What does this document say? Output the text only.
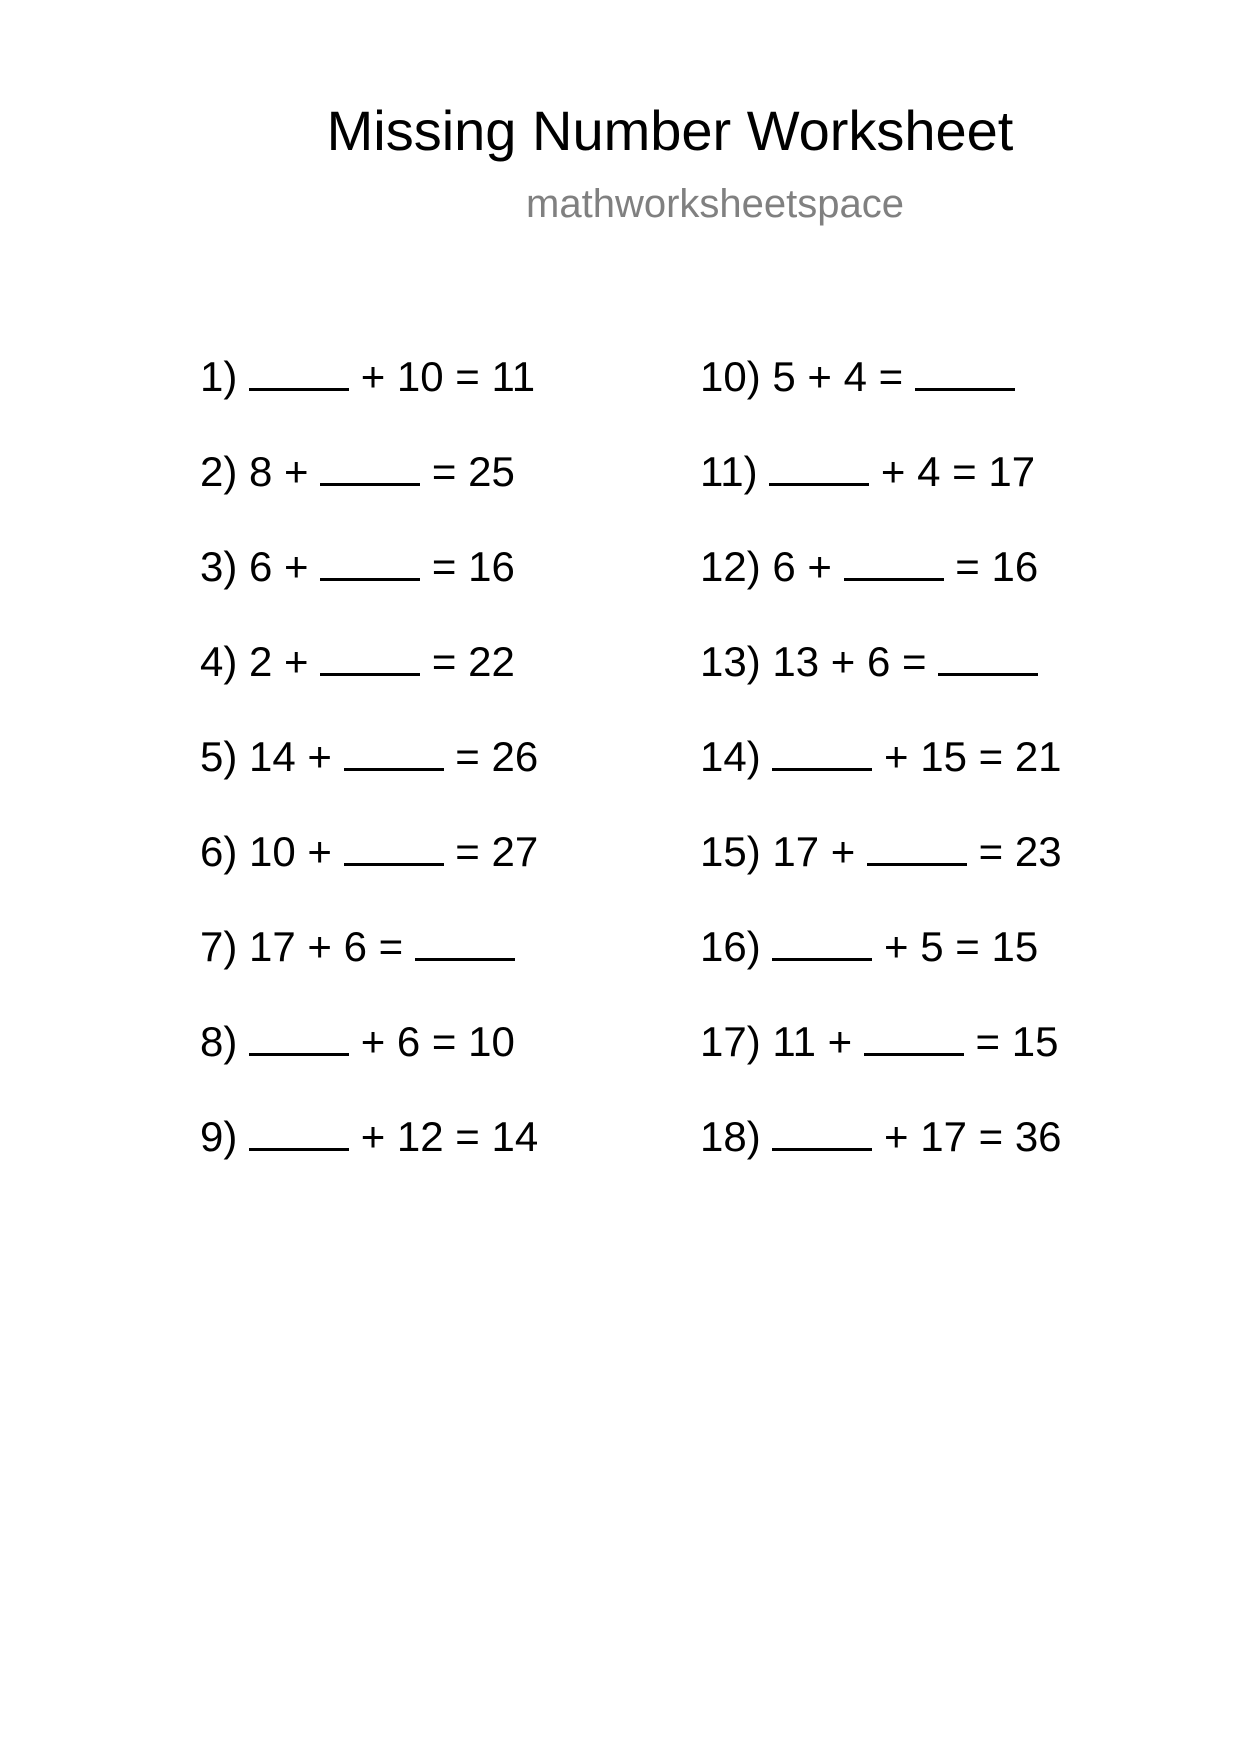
Missing Number Worksheet
mathworksheetspace
1)	+ 10 = 11
2) 8 +  = 25
3) 6 +  = 16
4) 2 +  = 22
5) 14 +  = 26
6) 10 +  = 27
7) 17 + 6 =
8)	+ 6 = 10
9)	+ 12 = 14
10) 5 + 4 =
11)	+ 4 = 17
12) 6 +  = 16
13) 13 + 6 =
14)	+ 15 = 21
15) 17 +  = 23
16)	+ 5 = 15
17) 11 +  = 15
18)	+ 17 = 36
